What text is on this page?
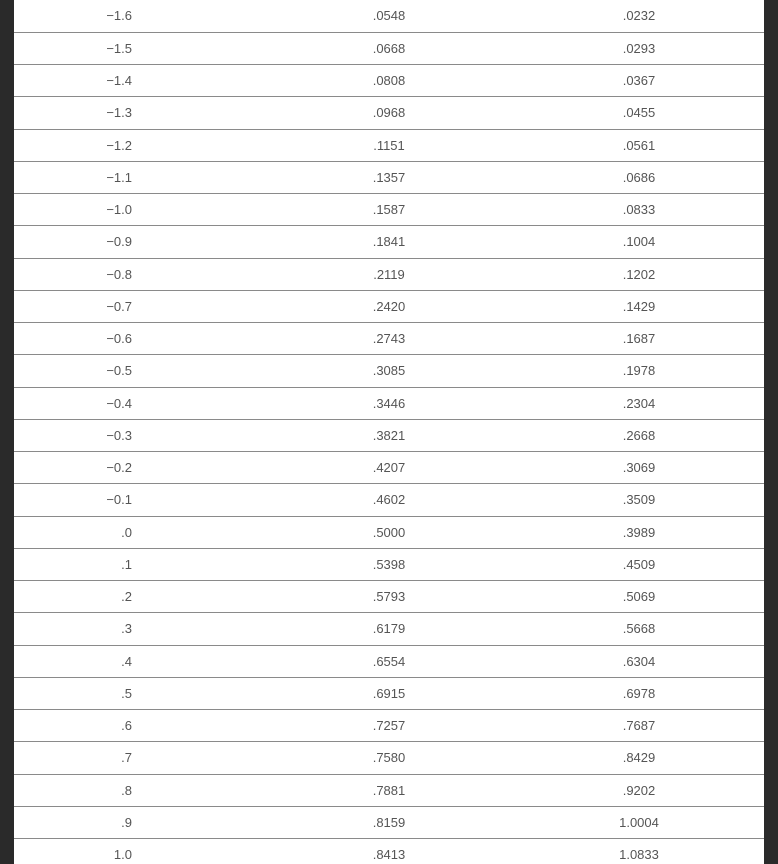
−1.6	.0548	.0232
−1.5	.0668	.0293
−1.4	.0808	.0367
−1.3	.0968	.0455
−1.2	.1151	.0561
−1.1	.1357	.0686
−1.0	.1587	.0833
−0.9	.1841	.1004
−0.8	.2119	.1202
−0.7	.2420	.1429
−0.6	.2743	.1687
−0.5	.3085	.1978
−0.4	.3446	.2304
−0.3	.3821	.2668
−0.2	.4207	.3069
−0.1	.4602	.3509
.0	.5000	.3989
.1	.5398	.4509
.2	.5793	.5069
.3	.6179	.5668
.4	.6554	.6304
.5	.6915	.6978
.6	.7257	.7687
.7	.7580	.8429
.8	.7881	.9202
.9	.8159	1.0004
1.0	.8413	1.0833
